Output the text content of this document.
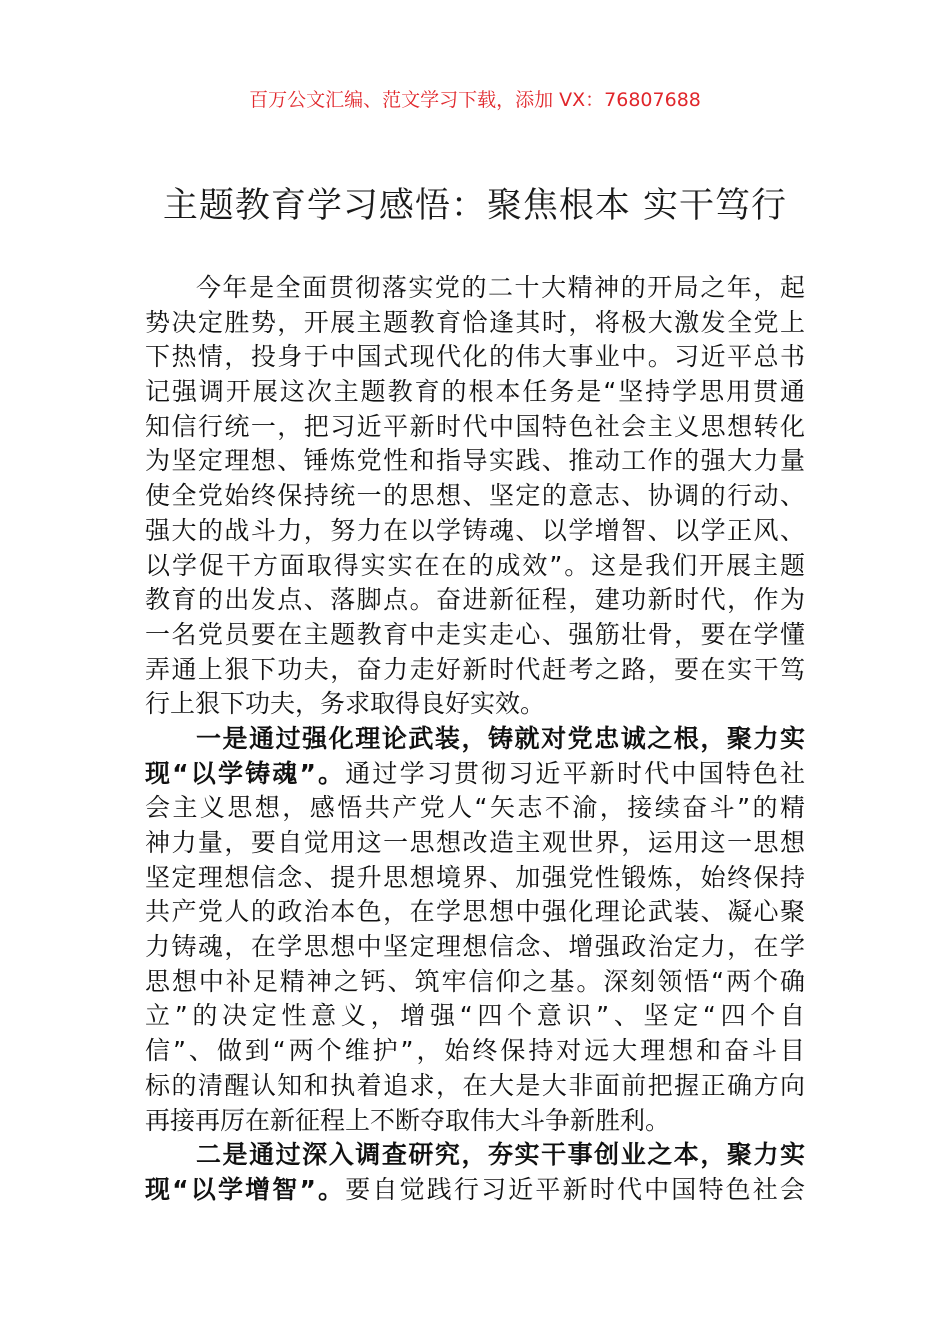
百万公文汇编、范文学习下载，添加 VX：76807688
主题教育学习感悟：聚焦根本 实干笃行
今年是全面贯彻落实党的二十大精神的开局之年，起
势决定胜势，开展主题教育恰逢其时，将极大激发全党上
下热情，投身于中国式现代化的伟大事业中。习近平总书
记强调开展这次主题教育的根本任务是“坚持学思用贯通
知信行统一，把习近平新时代中国特色社会主义思想转化
为坚定理想、锤炼党性和指导实践、推动工作的强大力量
使全党始终保持统一的思想、坚定的意志、协调的行动、
强大的战斗力，努力在以学铸魂、以学增智、以学正风、
以学促干方面取得实实在在的成效”。这是我们开展主题
教育的出发点、落脚点。奋进新征程，建功新时代，作为
一名党员要在主题教育中走实走心、强筋壮骨，要在学懂
弄通上狠下功夫，奋力走好新时代赶考之路，要在实干笃
行上狠下功夫，务求取得良好实效。
一是通过强化理论武装，铸就对党忠诚之根，聚力实
现“以学铸魂”。通过学习贯彻习近平新时代中国特色社
会主义思想，感悟共产党人“矢志不渝，接续奋斗”的精
神力量，要自觉用这一思想改造主观世界，运用这一思想
坚定理想信念、提升思想境界、加强党性锻炼，始终保持
共产党人的政治本色，在学思想中强化理论武装、凝心聚
力铸魂，在学思想中坚定理想信念、增强政治定力，在学
思想中补足精神之钙、筑牢信仰之基。深刻领悟“两个确
立”的决定性意义，增强“四个意识”、坚定“四个自
信”、做到“两个维护”，始终保持对远大理想和奋斗目
标的清醒认知和执着追求，在大是大非面前把握正确方向
再接再厉在新征程上不断夺取伟大斗争新胜利。
二是通过深入调查研究，夯实干事创业之本，聚力实
现“以学增智”。要自觉践行习近平新时代中国特色社会
